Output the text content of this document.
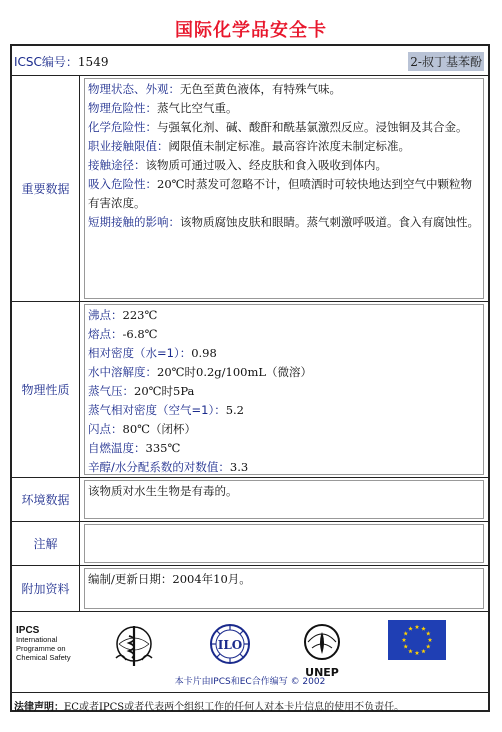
国际化学品安全卡
ICSC编号：1549	2-叔丁基苯酚
重要数据
物理状态、外观：无色至黄色液体，有特殊气味。
物理危险性：蒸气比空气重。
化学危险性：与强氧化剂、碱、酸酐和酰基氯激烈反应。浸蚀铜及其合金。
职业接触限值：阈限值未制定标准。最高容许浓度未制定标准。
接触途径：该物质可通过吸入、经皮肤和食入吸收到体内。
吸入危险性：20℃时蒸发可忽略不计，但喷洒时可较快地达到空气中颗粒物有害浓度。
短期接触的影响：该物质腐蚀皮肤和眼睛。蒸气刺激呼吸道。食入有腐蚀性。
物理性质
沸点：223℃
熔点：-6.8℃
相对密度（水=1）：0.98
水中溶解度：20℃时0.2g/100mL（微溶）
蒸气压：20℃时5Pa
蒸气相对密度（空气=1）：5.2
闪点：80℃（闭杯）
自燃温度：335℃
辛醇/水分配系数的对数值：3.3
环境数据
该物质对水生生物是有毒的。
注解
附加资料
编制/更新日期：2004年10月。
IPCS
International
Programme on
Chemical Safety
ILO
UNEP
本卡片由IPCS和EC合作编写 © 2002
法律声明：EC或者IPCS或者代表两个组织工作的任何人对本卡片信息的使用不负责任。
